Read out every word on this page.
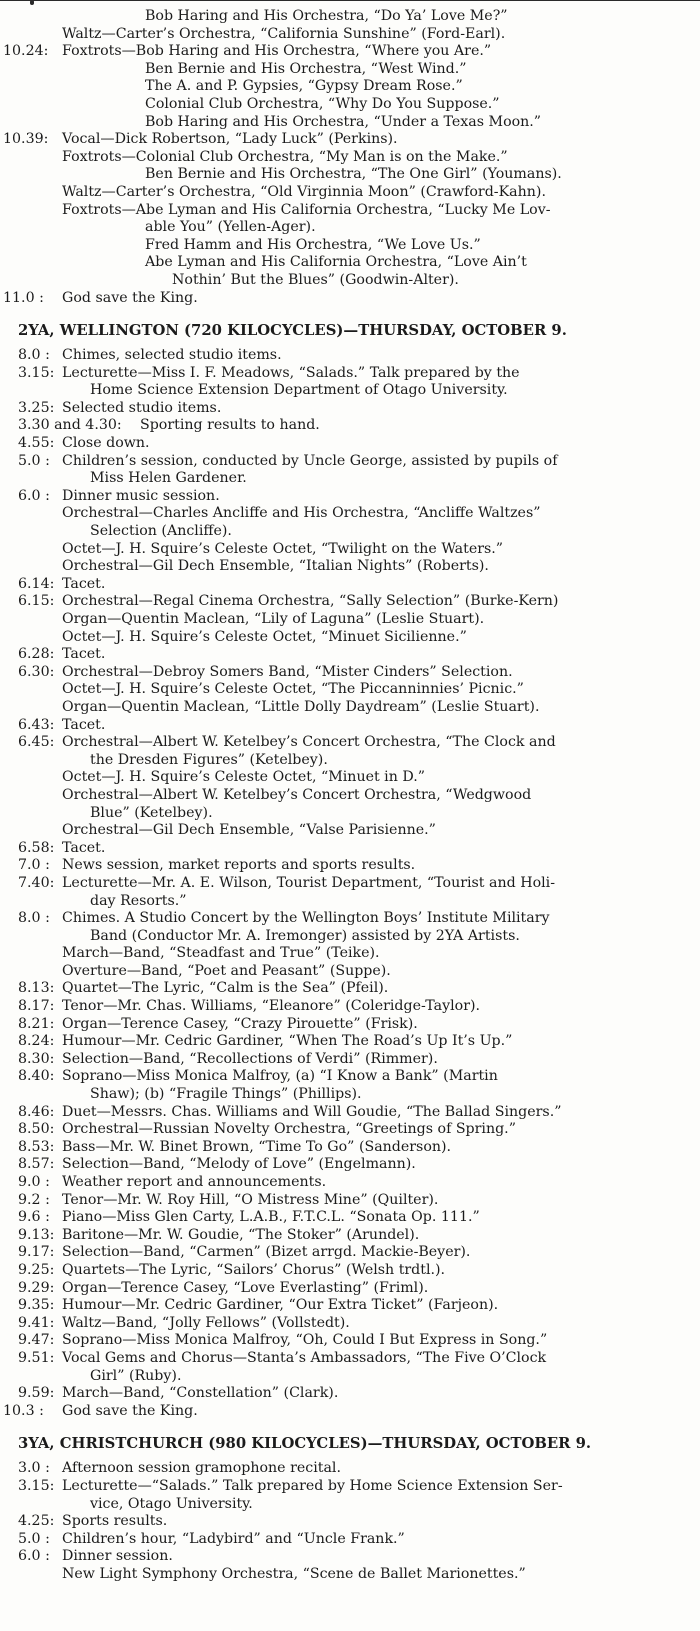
Bob Haring and His Orchestra, “Do Ya’ Love Me?”
Waltz—Carter’s Orchestra, “California Sunshine” (Ford-Earl).
10.24: Foxtrots—Bob Haring and His Orchestra, “Where you Are.”
Ben Bernie and His Orchestra, “West Wind.”
The A. and P. Gypsies, “Gypsy Dream Rose.”
Colonial Club Orchestra, “Why Do You Suppose.”
Bob Haring and His Orchestra, “Under a Texas Moon.”
10.39: Vocal—Dick Robertson, “Lady Luck” (Perkins).
Foxtrots—Colonial Club Orchestra, “My Man is on the Make.”
Ben Bernie and His Orchestra, “The One Girl” (Youmans).
Waltz—Carter’s Orchestra, “Old Virginnia Moon” (Crawford-Kahn).
Foxtrots—Abe Lyman and His California Orchestra, “Lucky Me Lov-
able You” (Yellen-Ager).
Fred Hamm and His Orchestra, “We Love Us.”
Abe Lyman and His California Orchestra, “Love Ain’t
Nothin’ But the Blues” (Goodwin-Alter).
11.0 : God save the King.
2YA, WELLINGTON (720 KILOCYCLES)—THURSDAY, OCTOBER 9.
8.0 : Chimes, selected studio items.
3.15: Lecturette—Miss I. F. Meadows, “Salads.” Talk prepared by the
Home Science Extension Department of Otago University.
3.25: Selected studio items.
3.30 and 4.30: Sporting results to hand.
4.55: Close down.
5.0 : Children’s session, conducted by Uncle George, assisted by pupils of
Miss Helen Gardener.
6.0 : Dinner music session.
Orchestral—Charles Ancliffe and His Orchestra, “Ancliffe Waltzes”
Selection (Ancliffe).
Octet—J. H. Squire’s Celeste Octet, “Twilight on the Waters.”
Orchestral—Gil Dech Ensemble, “Italian Nights” (Roberts).
6.14: Tacet.
6.15: Orchestral—Regal Cinema Orchestra, “Sally Selection” (Burke-Kern)
Organ—Quentin Maclean, “Lily of Laguna” (Leslie Stuart).
Octet—J. H. Squire’s Celeste Octet, “Minuet Sicilienne.”
6.28: Tacet.
6.30: Orchestral—Debroy Somers Band, “Mister Cinders” Selection.
Octet—J. H. Squire’s Celeste Octet, “The Piccanninnies’ Picnic.”
Organ—Quentin Maclean, “Little Dolly Daydream” (Leslie Stuart).
6.43: Tacet.
6.45: Orchestral—Albert W. Ketelbey’s Concert Orchestra, “The Clock and
the Dresden Figures” (Ketelbey).
Octet—J. H. Squire’s Celeste Octet, “Minuet in D.”
Orchestral—Albert W. Ketelbey’s Concert Orchestra, “Wedgwood
Blue” (Ketelbey).
Orchestral—Gil Dech Ensemble, “Valse Parisienne.”
6.58: Tacet.
7.0 : News session, market reports and sports results.
7.40: Lecturette—Mr. A. E. Wilson, Tourist Department, “Tourist and Holi-
day Resorts.”
8.0 : Chimes. A Studio Concert by the Wellington Boys’ Institute Military
Band (Conductor Mr. A. Iremonger) assisted by 2YA Artists.
March—Band, “Steadfast and True” (Teike).
Overture—Band, “Poet and Peasant” (Suppe).
8.13: Quartet—The Lyric, “Calm is the Sea” (Pfeil).
8.17: Tenor—Mr. Chas. Williams, “Eleanore” (Coleridge-Taylor).
8.21: Organ—Terence Casey, “Crazy Pirouette” (Frisk).
8.24: Humour—Mr. Cedric Gardiner, “When The Road’s Up It’s Up.”
8.30: Selection—Band, “Recollections of Verdi” (Rimmer).
8.40: Soprano—Miss Monica Malfroy, (a) “I Know a Bank” (Martin
Shaw); (b) “Fragile Things” (Phillips).
8.46: Duet—Messrs. Chas. Williams and Will Goudie, “The Ballad Singers.”
8.50: Orchestral—Russian Novelty Orchestra, “Greetings of Spring.”
8.53: Bass—Mr. W. Binet Brown, “Time To Go” (Sanderson).
8.57: Selection—Band, “Melody of Love” (Engelmann).
9.0 : Weather report and announcements.
9.2 : Tenor—Mr. W. Roy Hill, “O Mistress Mine” (Quilter).
9.6 : Piano—Miss Glen Carty, L.A.B., F.T.C.L. “Sonata Op. 111.”
9.13: Baritone—Mr. W. Goudie, “The Stoker” (Arundel).
9.17: Selection—Band, “Carmen” (Bizet arrgd. Mackie-Beyer).
9.25: Quartets—The Lyric, “Sailors’ Chorus” (Welsh trdtl.).
9.29: Organ—Terence Casey, “Love Everlasting” (Friml).
9.35: Humour—Mr. Cedric Gardiner, “Our Extra Ticket” (Farjeon).
9.41: Waltz—Band, “Jolly Fellows” (Vollstedt).
9.47: Soprano—Miss Monica Malfroy, “Oh, Could I But Express in Song.”
9.51: Vocal Gems and Chorus—Stanta’s Ambassadors, “The Five O’Clock
Girl” (Ruby).
9.59: March—Band, “Constellation” (Clark).
10.3 : God save the King.
3YA, CHRISTCHURCH (980 KILOCYCLES)—THURSDAY, OCTOBER 9.
3.0 : Afternoon session gramophone recital.
3.15: Lecturette—“Salads.” Talk prepared by Home Science Extension Ser-
vice, Otago University.
4.25: Sports results.
5.0 : Children’s hour, “Ladybird” and “Uncle Frank.”
6.0 : Dinner session.
New Light Symphony Orchestra, “Scene de Ballet Marionettes.”
